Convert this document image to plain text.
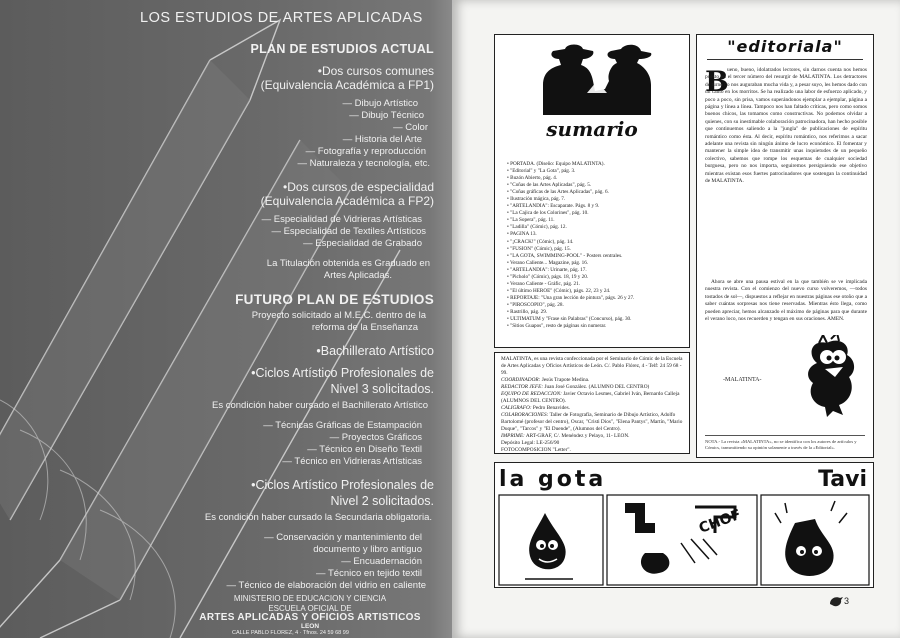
LOS ESTUDIOS DE ARTES APLICADAS
PLAN DE ESTUDIOS ACTUAL
•Dos cursos comunes
(Equivalencia Académica a FP1)
— Dibujo Artístico
— Dibujo Técnico
— Color
— Historia del Arte
— Fotografía y reproducción
— Naturaleza y tecnología, etc.
•Dos cursos de especialidad
(Equivalencia Académica a FP2)
— Especialidad de Vidrieras Artísticas
— Especialidad de Textiles Artísticos
— Especialidad de Grabado
La Titulación obtenida es Graduado en
Artes Aplicadas.
FUTURO PLAN DE ESTUDIOS
Proyecto solicitado al M.E.C. dentro de la
reforma de la Enseñanza
•Bachillerato Artístico
•Ciclos Artístico Profesionales de
Nivel 3 solicitados.
Es condición haber cursado el Bachillerato Artístico
— Técnicas Gráficas de Estampación
— Proyectos Gráficos
— Técnico en Diseño Textil
— Técnico en Vidrieras Artísticas
•Ciclos Artístico Profesionales de
Nivel 2 solicitados.
Es condición haber cursado la Secundaria obligatoria.
— Conservación y mantenimiento del
documento y libro antiguo
— Encuadernación
— Técnico en tejido textil
— Técnico de elaboración del vidrio en caliente
MINISTERIO DE EDUCACION Y CIENCIA
ESCUELA OFICIAL DE
ARTES APLICADAS Y OFICIOS ARTISTICOS
LEON
CALLE PABLO FLOREZ, 4 · Tfnos. 24 59 68 99
sumario
• PORTADA. (Diseño: Equipo MALATINTA).
• "Editorial" y "La Gota", pág. 3.
• Buzón Abierto, pág. 4.
• "Coñas de las Artes Aplicadas", pág. 5.
• "Coñas gráficas de las Artes Aplicadas", pág. 6.
• Ilustración mágica, pág. 7.
• "ARTELANDIA": Escaparate. Págs. 8 y 9.
• "La Cajica de los Colorines", pág. 10.
• "La Sopera", pág. 11.
• "Ladilla" (Cómic), pág. 12.
• PAGINA 13.
• "¡CRACK!" (Cómic), pág. 14.
• "FUSION" (Cómic), pág. 15.
• "LA GOTA, SWIMMING-POOL" - Posters centrales.
• Verano Caliente... Magazine, pág. 16.
• "ARTELANDIA": Urinarte, pág. 17.
• "Picholo" (Cómic), págs. 18, 19 y 20.
• Verano Caliente - Gráfic, pág. 21.
• "El último HEROE" (Cómic), págs. 22, 23 y 24.
• REPORTAJE: "Una gran lección de pintura", págs. 26 y 27.
• "PIROSCOPIO", pág. 28.
• Rastrillo, pág. 29.
• ULTIMATUM y "Frase sin Palabras" (Concurso), pág. 30.
• "Sitios Guapos", resto de páginas sin numerar.

MALATINTA, es una revista confeccionada por el Seminario de Cómic de la Escuela de Artes Aplicadas y Oficios Artísticos de León. C/. Pablo Flórez, 4 - Telf: 24 59 68 - 99.

COORDINADOR: Jesús Trapote Medina.

REDACTOR JEFE: Juan José González. (ALUMNO DEL CENTRO)

EQUIPO DE REDACCION: Javier Octavio Lesmes, Gabriel Iván, Bernardo Calleja (ALUMNOS DEL CENTRO).

CALIGRAFO: Pedro Benavides.

COLABORACIONES: Taller de Fotografía, Seminario de Dibujo Artístico, Adolfo Bartolomé (profesor del centro), Oscar, "Cristi Dios", "Elena Pantys", Martín, "Mario Duque", "Tarcos" y "El Duende", (Alumnos del Centro).

IMPRIME: ART-GRAF, C/. Menéndez y Pelayo, 11- LEON.

Depósito Legal: LE-256/90

FOTOCOMPOSICION "Letter".

"editoriala"
B

ueno, bueno, idolatrados lectores, sin darnos cuenta nos hemos puesto en el tercer número del resurgir de MALATINTA. Los detractores de turno no nos auguraban mucha vida y, a pesar suyo, les hemos dado con un canto en los morritos. Se ha realizado una labor de esfuerzo aplicado, y poco a poco, sin prisa, vamos superándonos ejemplar a ejemplar, página a página y línea a línea. Tampoco nos han faltado críticas, pero como somos buenos chicos, las tomamos como constructivas. No podemos olvidar a quienes, con su inestimable colaboración patrocinadora, han hecho posible que continuemos saliendo a la "jungla" de publicaciones de espíritu romántico como ésta. Al decir, espíritu romántico, nos referimos a sacar adelante una revista sin ningún ánimo de lucro económico. El fomentar y mantener la simple idea de transmitir unas inquietudes de un pequeño colectivo, sabemos que rompe los esquemas de cualquier sociedad burguesa, pero no nos importa, seguiremos persiguiendo ese objetivo mientras existan esos fuertes patrocinadores que sostengan la continuidad de MALATINTA.

Ahora se abre una pausa estival en la que también se ve implicada nuestra revista. Con el comienzo del nuevo curso volveremos, —todos tostados de sol—, dispuestos a reflejar en nuestras páginas ese otoño que a saber cuántas sorpresas nos tiene reservadas. Mientras ésto llega, como pueden apreciar, hemos alcanzado el máximo de páginas para que durante el verano loco, nos recuerden y tengan en sus oraciones. AMEN.

-MALATINTA-

NOTA.- La revista «MALATINTA», no se identifica con los autores de artículos y Cómics, transmitiendo su opinión solamente a través de la «Editorial».

la gota	Tavi
CHOF
3
